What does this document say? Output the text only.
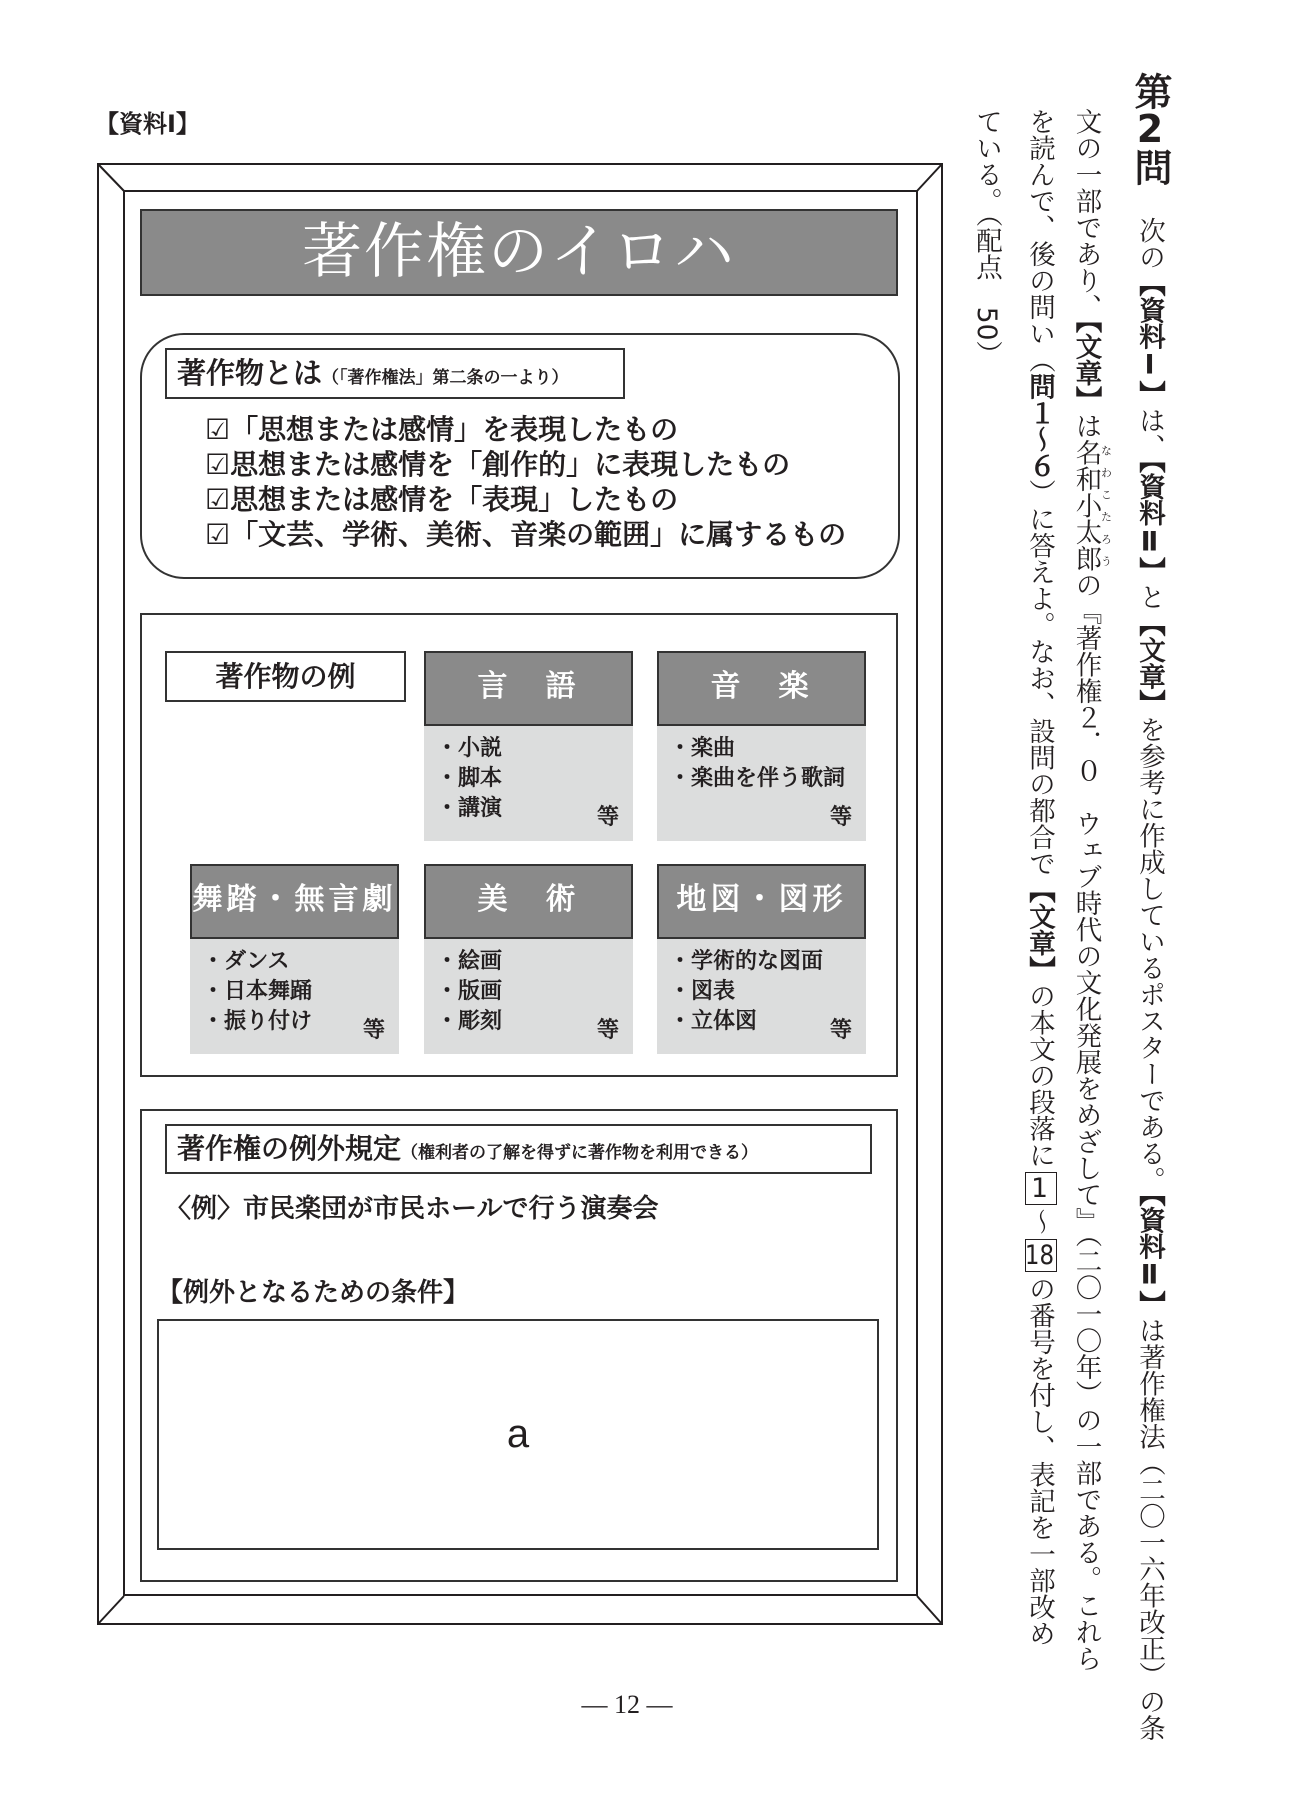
【資料Ⅰ】
著作権のイロハ
著作物とは（「著作権法」第二条の一より）
☑「思想または感情」を表現したもの
☑思想または感情を「創作的」に表現したもの
☑思想または感情を「表現」したもの
☑「文芸、学術、美術、音楽の範囲」に属するもの
著作物の例	言　語
・小説
・脚本
・講演	等
音　楽
・楽曲
・楽曲を伴う歌詞
等
舞踏・無言劇
・ダンス
・日本舞踊
・振り付け	等
美　術
・絵画
・版画
・彫刻	等
地図・図形
・学術的な図面
・図表
・立体図	等
著作権の例外規定（権利者の了解を得ずに著作物を利用できる）
〈例〉市民楽団が市民ホールで行う演奏会
【例外となるための条件】
a
— 12 —
第2問
次の【資料Ⅰ】は、【資料Ⅱ】と【文章】を参考に作成しているポスターである。【資料Ⅱ】は著作権法（二〇一六年改正）の条
文の一部であり、【文章】は名和小太郎なわこたろうの『著作権２．０　ウェブ時代の文化発展をめざして』（二〇一〇年）の一部である。これら
を読んで、後の問い（問１〜６）に答えよ。なお、設問の都合で【文章】の本文の段落に1〜18の番号を付し、表記を一部改め
ている。（配点　50）
